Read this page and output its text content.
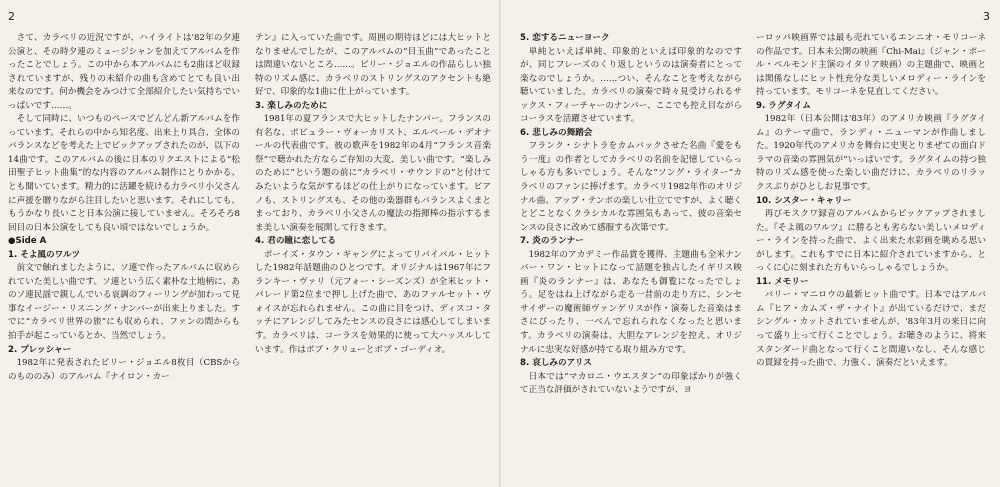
2	3

さて、カラベリの近況ですが、ハイライトは'82年の夕連公演と、その時夕連のミュージシャンを加えてアルバムを作ったことでしょう。この中から本アルバムにも2曲ほど収録されていますが、残りの未紹介の曲も含めてとても良い出来なのです。何か機会をみつけて全部紹介したい気持ちでいっぱいです……。

そして同時に、いつものペースでどんどん新アルバムを作っています。それらの中から知名度、出来上り具合、全体のバランスなどを考えた上でピックアップされたのが、以下の14曲です。このアルバムの後に日本のリクエストによる“松田聖子ヒット曲集”的な内容のアルバム制作にとりかかる、とも聞いています。精力的に活躍を続ける力ラベリ小父さんに声援を贈りながら注目したいと思います。それにしても、もうかなり長いこと日本公演に接していません。そろそろ8回目の日本公演をしても良い頃ではないでしょうか。

●Side A
1. そよ風のワルツ

前文で触れましたように、ソ連で作ったアルバムに収められていた美しい曲です。ソ連という広く素朴な土地柄に、あのソ連民謡で親しんでいる哀調のフィーリングが加わって見事なイージー・リスニング・ナンバーが出来上りました。すでに“カラベリ世界の旅”にも収められ、ファンの間からも拍手が起こっているとか、当然でしょう。

2. プレッシャー

1982年に発表されたビリー・ジョエル8枚目（CBSからのもののみ）のアルバム『ナイロン・カー

テン』に入っていた曲です。周囲の期待ほどには大ヒットとなりませんでしたが、このアルバムの“目玉曲”であったことは間違いないところ……。ビリー・ジョエルの作品らしい独特のリズム感に、カラベリのストリングスのアクセントも絶好で、印象的な1曲に仕上がっています。

3. 楽しみのために

1981年の夏フランスで大ヒットしたナンバー。フランスの有名な、ポピュラー・ヴォーカリスト、エルベール・デオナールの代表曲です。彼の歌声を1982年の4月“フランス音楽祭”で聴かれた方ならご存知の大変、美しい曲です。“楽しみのために”という題の前に“カラベリ・サウンドの”と付けてみたいような気がするほどの仕上がりになっています。ピアノも、ストリングスも、その他の楽器群もバランスよくまとまっており、カラベリ小父さんの魔法の指揮棒の指示するまま美しい演奏を展開して行きます。

4. 君の瞳に恋してる

ボーイズ・タウン・ギャングによってリバイバル・ヒットした1982年話題曲のひとつです。オリジナルは1967年にフランキー・ヴァリ（元フォー・シーズンズ）が全米ヒット・パレード第2位まで押し上げた曲で、あのファルセット・ヴォイスが忘れられません。この曲に目をつけ、ディスコ・タッチにアレンジしてみたセンスの良さには感心してしまいます。カラベリは、コーラスを効果的に使って大ハッスルしています。作はボブ・クリューとボブ・ゴーディオ。

5. 恋するニューヨーク

単純といえば単純、印象的といえば印象的なのですが、同じフレーズのくり返しというのは演奏者にとって楽なのでしょうか。……つい、そんなことを考えながら聴いていました。カラベリの演奏で時々見受けられるサックス・フィーチャーのナンバー、ここでも控え目ながらコーラスを活躍させています。

6. 悲しみの舞踏会

フランク・シナトラをカムバックさせた名曲『愛をもう一度』の作者としてカラベリの名前を記憶していらっしゃる方も多いでしょう。そんな“ソング・ライター”カラベリのファンに捧げます。カラベリ1982年作のオリジナル曲、アップ・テンポの楽しい仕立てですが、よく聴くとどことなくクラシカルな雰囲気もあって、彼の音楽センスの良さに改めて感服する次第です。

7. 炎のランナー

1982年のアカデミー作品賞を獲得、主題曲も全米ナンバー・ワン・ヒットになって話題を独占したイギリス映画『炎のランナー』は、あなたも御覧になったでしょう。足をはね上げながら走る一昔前の走り方に、シンセサイザーの魔術師ヴァンゲリスが作・演奏した音楽はまさにぴったり、一べんで忘れられなくなったと思います。カラベリの演奏は、大胆なアレンジを控え、オリジナルに忠実な好感が持てる取り組み方です。

8. 哀しみのアリス

日本では“マカロニ・ウエスタン”の印象ばかりが強くて正当な評価がされていないようですが、ヨ

ーロッパ映画界では最も売れているエンニオ・モリコーネの作品です。日本未公開の映画『Chi-Mai』（ジャン・ポール・ベルモンド主演のイタリア映画）の主題曲で、映画とは関係なしにヒット性充分な美しいメロディー・ラインを持っています。モリコーネを見直してください。

9. ラグタイム

1982年（日本公開は'83年）のアメリカ映画『ラグタイム』のテーマ曲で、ランディ・ニューマンが作曲しました。1920年代のアメリカを舞台に史実とりまぜての面白ドラマの音楽の雰囲気が“いっぱいです。ラグタイムの持つ独特のリズム感を使った楽しい曲だけに、カラベリのリラックスぶりがひとしお見事です。

10. シスター・キャリー

再びモスクワ録音のアルバムからピックアップされました。『そよ風のワルツ』に勝るとも劣らない美しいメロディー・ラインを持った曲で、よく出来た水彩画を眺める思いがします。これもすでに日本に紹介されていますから、とっくに心に刻まれた方もいらっしゃるでしょうか。

11. メモリー

バリー・マニロウの最新ヒット曲です。日本ではアルバム『ヒア・カムズ・ザ・ナイト』が出ているだけで、まだシングル・カットされていませんが、'83年3月の来日に向って盛り上って行くことでしょう。お聴きのように、将来スタンダード曲となって行くこと間違いなし、そんな感じの貫録を持った曲で、力強く、演奏だといえます。
